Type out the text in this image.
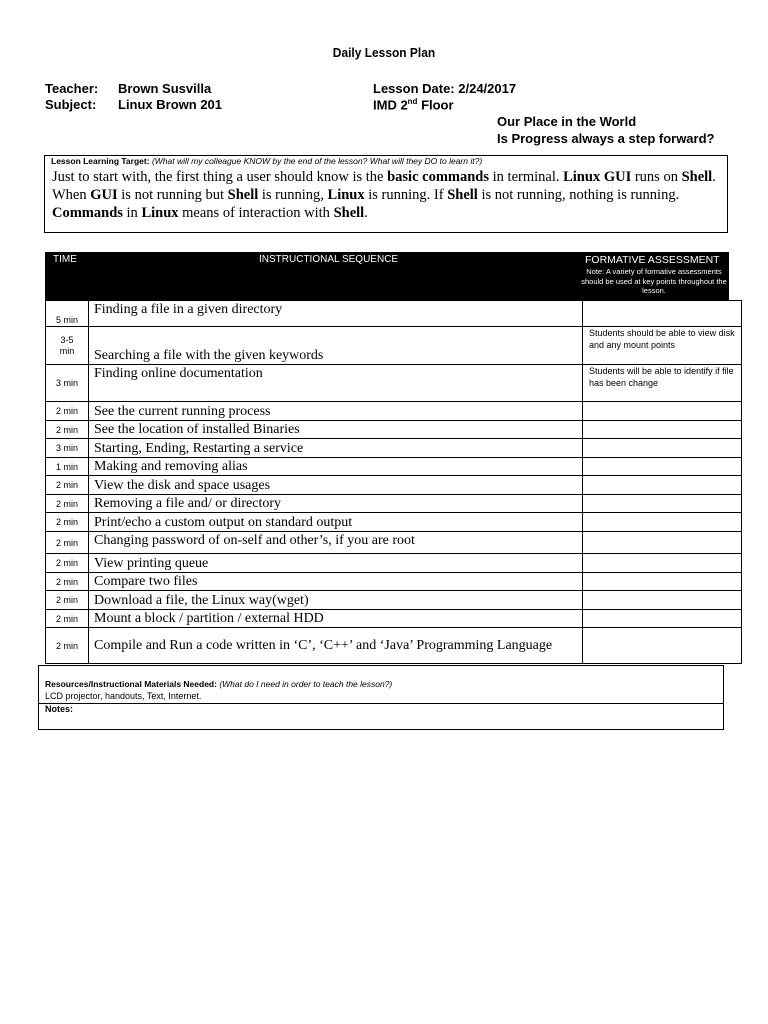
Daily Lesson Plan
Teacher: Brown Susvilla
Subject: Linux Brown 201
Lesson Date: 2/24/2017
IMD 2nd Floor
Our Place in the World
Is Progress always a step forward?
Lesson Learning Target: (What will my colleague KNOW by the end of the lesson? What will they DO to learn it?)
Just to start with, the first thing a user should know is the basic commands in terminal. Linux GUI runs on Shell. When GUI is not running but Shell is running, Linux is running. If Shell is not running, nothing is running. Commands in Linux means of interaction with Shell.
TIME	INSTRUCTIONAL SEQUENCE	FORMATIVE ASSESSMENT
Note: A variety of formative assessments should be used at key points throughout the lesson.
5 min	Finding a file in a given directory	
3-5 min	Searching a file with the given keywords	Students should be able to view disk and any mount points
3 min	Finding online documentation	Students will be able to identify if file has been change
2 min	See the current running process	
2 min	See the location of installed Binaries	
3 min	Starting, Ending, Restarting a service	
1 min	Making and removing alias	
2 min	View the disk and space usages	
2 min	Removing a file and/ or directory	
2 min	Print/echo a custom output on standard output	
2 min	Changing password of on-self and other’s, if you are root	
2 min	View printing queue	
2 min	Compare two files	
2 min	Download a file, the Linux way(wget)	
2 min	Mount a block / partition / external HDD	
2 min	Compile and Run a code written in ‘C’, ‘C++’ and ‘Java’ Programming Language	
Resources/Instructional Materials Needed: (What do I need in order to teach the lesson?)
LCD projector, handouts, Text, Internet.
Notes:
